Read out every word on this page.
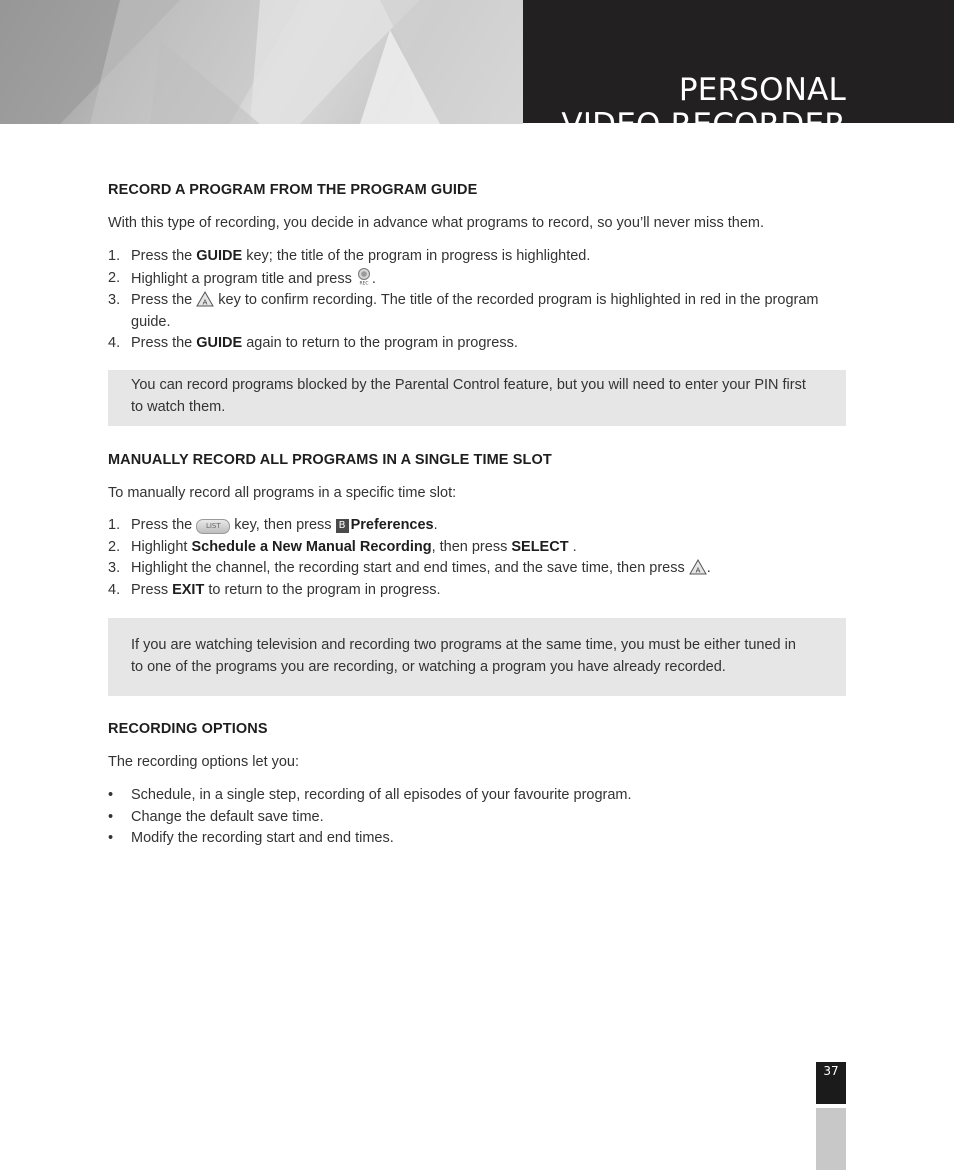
PERSONAL
VIDEO RECORDER
RECORD A PROGRAM FROM THE PROGRAM GUIDE

With this type of recording, you decide in advance what programs to record, so you’ll never miss them.

1. Press the GUIDE key; the title of the program in progress is highlighted.
2. Highlight a program title and press REC .
3. Press the A key to confirm recording. The title of the recorded program is highlighted in red in the program guide.
4. Press the GUIDE again to return to the program in progress.
You can record programs blocked by the Parental Control feature, but you will need to enter your PIN first to watch them.
MANUALLY RECORD ALL PROGRAMS IN A SINGLE TIME SLOT

To manually record all programs in a specific time slot:

1. Press the LIST key, then press B Preferences.
2. Highlight Schedule a New Manual Recording, then press SELECT .
3. Highlight the channel, the recording start and end times, and the save time, then press A .
4. Press EXIT to return to the program in progress.
If you are watching television and recording two programs at the same time, you must be either tuned in to one of the programs you are recording, or watching a program you have already recorded.
RECORDING OPTIONS

The recording options let you:

• Schedule, in a single step, recording of all episodes of your favourite program.
• Change the default save time.
• Modify the recording start and end times.
37
